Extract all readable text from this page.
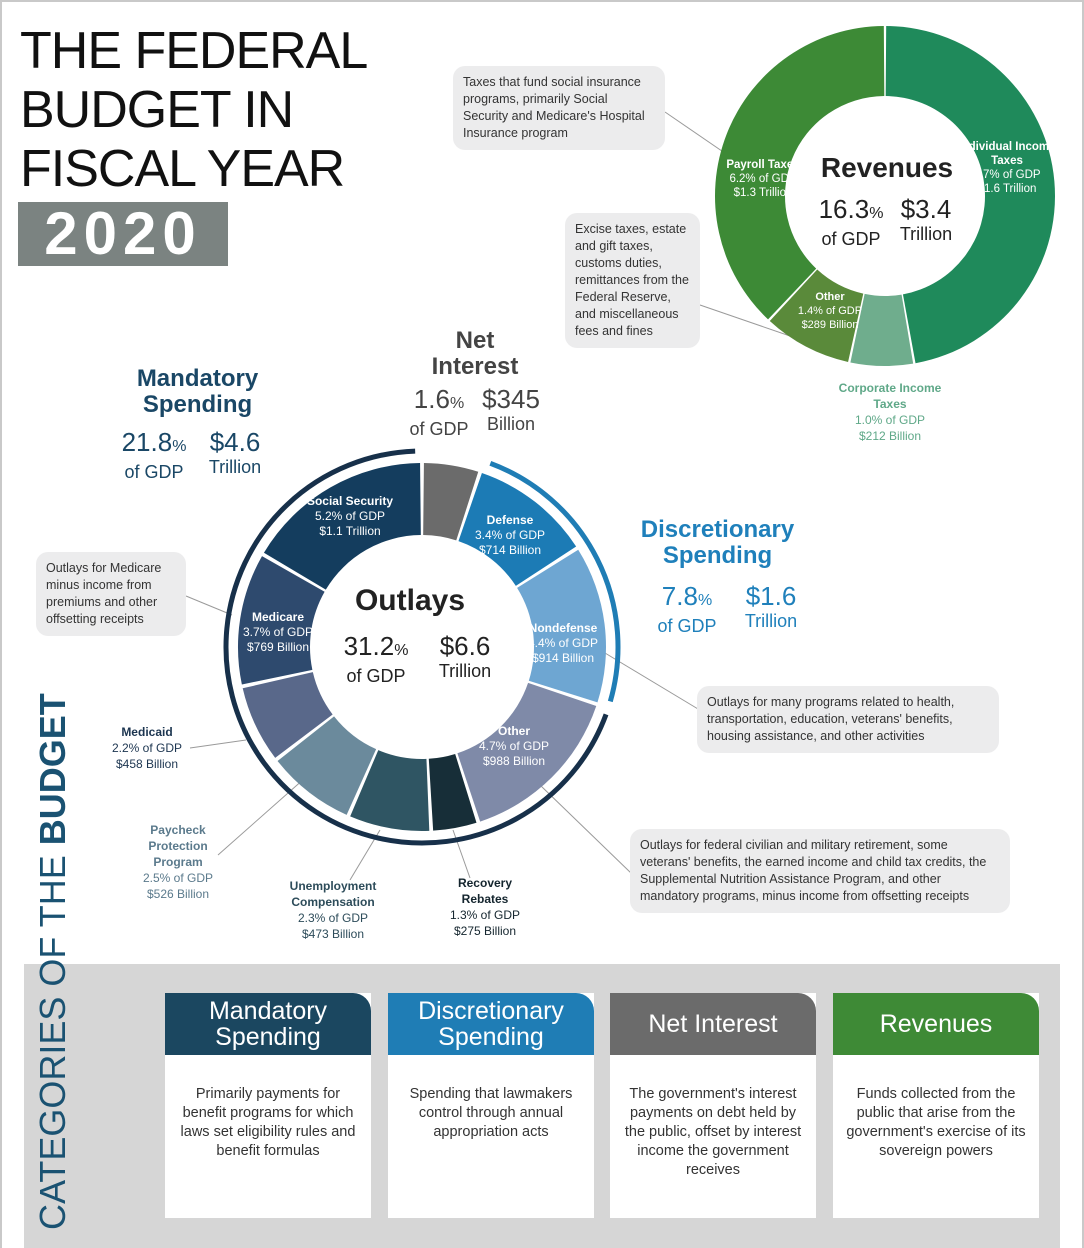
THE FEDERAL
BUDGET IN
FISCAL YEAR
2020
Taxes that fund social insurance programs, primarily Social Security and Medicare's Hospital Insurance program
Excise taxes, estate and gift taxes, customs duties, remittances from the Federal Reserve, and miscellaneous fees and fines
Revenues
16.3%
of GDP
$3.4
Trillion
Individual Income Taxes
7.7% of GDP
$1.6 Trillion
Payroll Taxes
6.2% of GDP
$1.3 Trillion
Other
1.4% of GDP
$289 Billion
Corporate Income Taxes
1.0% of GDP
$212 Billion
Net
Interest
1.6%
of GDP
$345
Billion
Mandatory
Spending
21.8%
of GDP
$4.6
Trillion
Discretionary
Spending
7.8%
of GDP
$1.6
Trillion
Outlays
31.2%
of GDP
$6.6
Trillion
Social Security
5.2% of GDP
$1.1 Trillion
Defense
3.4% of GDP
$714 Billion
Nondefense
4.4% of GDP
$914 Billion
Other
4.7% of GDP
$988 Billion
Medicare
3.7% of GDP
$769 Billion
Medicaid
2.2% of GDP
$458 Billion
Paycheck Protection Program
2.5% of GDP
$526 Billion
Unemployment Compensation
2.3% of GDP
$473 Billion
Recovery Rebates
1.3% of GDP
$275 Billion
Outlays for Medicare minus income from premiums and other offsetting receipts
Outlays for many programs related to health, transportation, education, veterans' benefits, housing assistance, and other activities
Outlays for federal civilian and military retirement, some veterans' benefits, the earned income and child tax credits, the Supplemental Nutrition Assistance Program, and other mandatory programs, minus income from offsetting receipts
CATEGORIES OF THE BUDGET
Mandatory Spending
Primarily payments for benefit programs for which laws set eligibility rules and benefit formulas
Discretionary Spending
Spending that lawmakers control through annual appropriation acts
Net Interest
The government's interest payments on debt held by the public, offset by interest income the government receives
Revenues
Funds collected from the public that arise from the government's exercise of its sovereign powers
